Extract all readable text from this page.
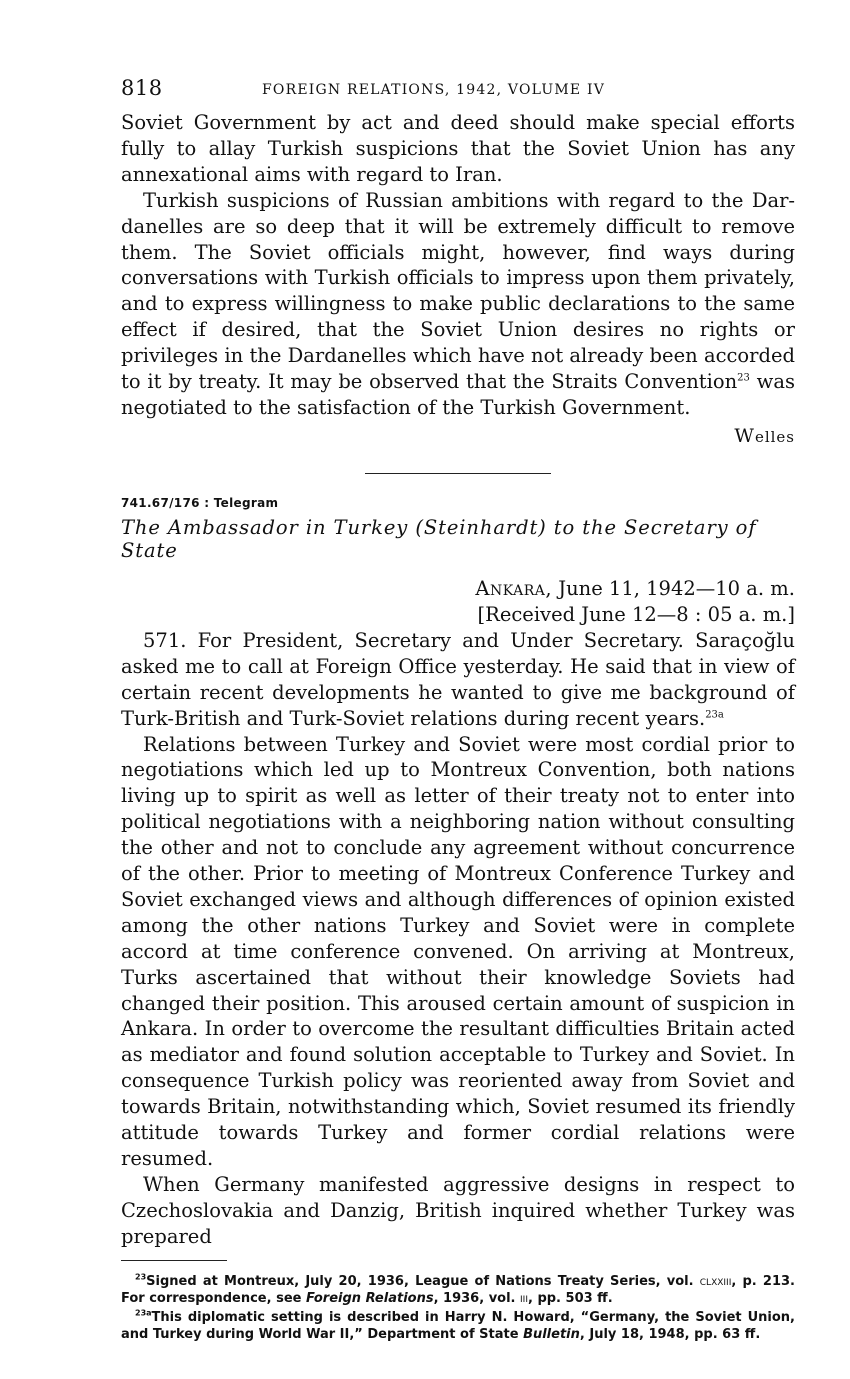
818	FOREIGN RELATIONS, 1942, VOLUME IV

Soviet Government by act and deed should make special efforts fully to allay Turkish suspicions that the Soviet Union has any annexational aims with regard to Iran.

Turkish suspicions of Russian ambitions with regard to the Dardanelles are so deep that it will be extremely difficult to remove them. The Soviet officials might, however, find ways during conversations with Turkish officials to impress upon them privately, and to express willingness to make public declarations to the same effect if desired, that the Soviet Union desires no rights or privileges in the Dardanelles which have not already been accorded to it by treaty. It may be observed that the Straits Convention$^{23}$ was negotiated to the satisfaction of the Turkish Government.

Welles

741.67/176 : Telegram
The Ambassador in Turkey (Steinhardt) to the Secretary of State
Ankara, June 11, 1942—10 a. m.
[Received June 12—8 : 05 a. m.]

571. For President, Secretary and Under Secretary. Saraçoğlu asked me to call at Foreign Office yesterday. He said that in view of certain recent developments he wanted to give me background of Turk-British and Turk-Soviet relations during recent years.$^{23a}$

Relations between Turkey and Soviet were most cordial prior to negotiations which led up to Montreux Convention, both nations living up to spirit as well as letter of their treaty not to enter into political negotiations with a neighboring nation without consulting the other and not to conclude any agreement without concurrence of the other. Prior to meeting of Montreux Conference Turkey and Soviet exchanged views and although differences of opinion existed among the other nations Turkey and Soviet were in complete accord at time conference convened. On arriving at Montreux, Turks ascertained that without their knowledge Soviets had changed their position. This aroused certain amount of suspicion in Ankara. In order to overcome the resultant difficulties Britain acted as mediator and found solution acceptable to Turkey and Soviet. In consequence Turkish policy was reoriented away from Soviet and towards Britain, notwithstanding which, Soviet resumed its friendly attitude towards Turkey and former cordial relations were resumed.

When Germany manifested aggressive designs in respect to Czechoslovakia and Danzig, British inquired whether Turkey was prepared

$^{23}$Signed at Montreux, July 20, 1936, League of Nations Treaty Series, vol. clxxiii, p. 213. For correspondence, see Foreign Relations, 1936, vol. iii, pp. 503 ff.

$^{23a}$This diplomatic setting is described in Harry N. Howard, “Germany, the Soviet Union, and Turkey during World War II,” Department of State Bulletin, July 18, 1948, pp. 63 ff.
